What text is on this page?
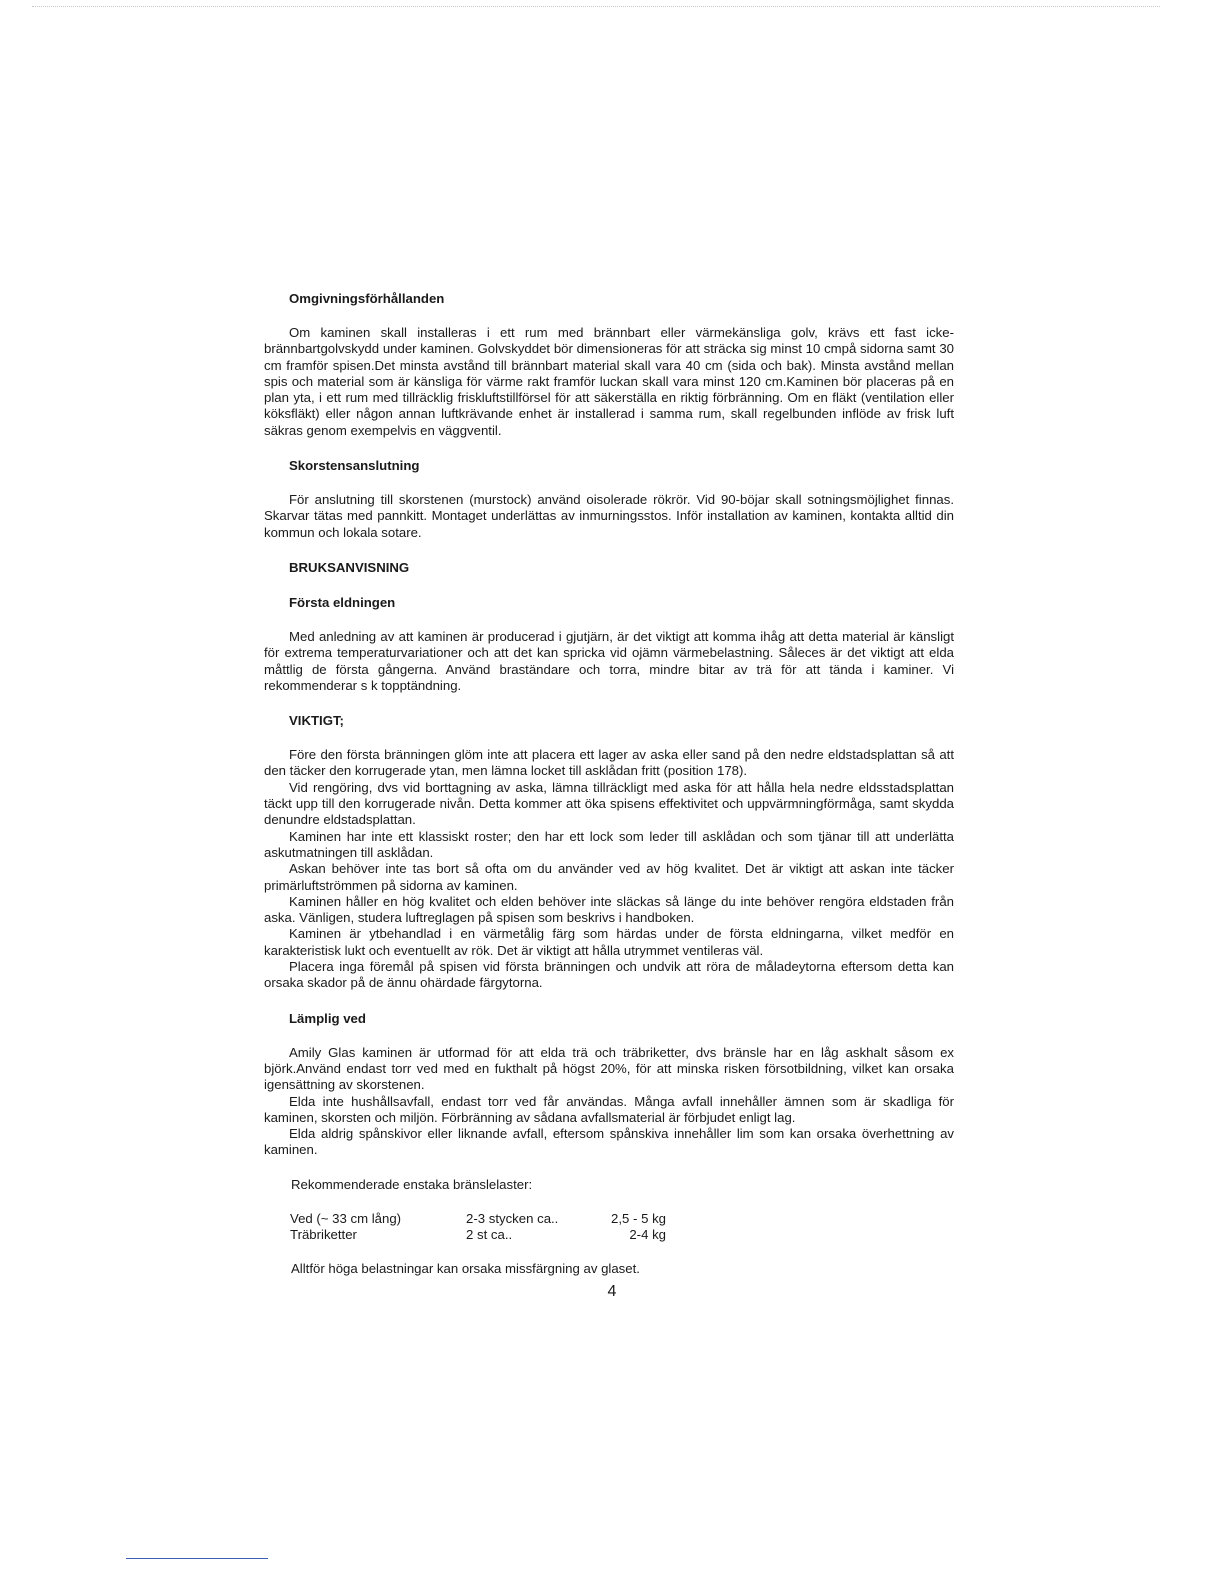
Omgivningsförhållanden

Om kaminen skall installeras i ett rum med brännbart eller värmekänsliga golv, krävs ett fast icke-brännbartgolvskydd under kaminen. Golvskyddet bör dimensioneras för att sträcka sig minst 10 cmpå sidorna samt 30 cm framför spisen.Det minsta avstånd till brännbart material skall vara 40 cm (sida och bak). Minsta avstånd mellan spis och material som är känsliga för värme rakt framför luckan skall vara minst 120 cm.Kaminen bör placeras på en plan yta, i ett rum med tillräcklig friskluftstillförsel för att säkerställa en riktig förbränning. Om en fläkt (ventilation eller köksfläkt) eller någon annan luftkrävande enhet är installerad i samma rum, skall regelbunden inflöde av frisk luft säkras genom exempelvis en väggventil.

Skorstensanslutning

För anslutning till skorstenen (murstock) använd oisolerade rökrör. Vid 90-böjar skall sotningsmöjlighet finnas. Skarvar tätas med pannkitt. Montaget underlättas av inmurningsstos. Inför installation av kaminen, kontakta alltid din kommun och lokala sotare.

BRUKSANVISNING
Första eldningen

Med anledning av att kaminen är producerad i gjutjärn, är det viktigt att komma ihåg att detta material är känsligt för extrema temperaturvariationer och att det kan spricka vid ojämn värmebelastning. Såleces är det viktigt att elda måttlig de första gångerna. Använd braständare och torra, mindre bitar av trä för att tända i kaminer. Vi rekommenderar s k topptändning.

VIKTIGT;

Före den första bränningen glöm inte att placera ett lager av aska eller sand på den nedre eldstadsplattan så att den täcker den korrugerade ytan, men lämna locket till asklådan fritt (position 178).

Vid rengöring, dvs vid borttagning av aska, lämna tillräckligt med aska för att hålla hela nedre eldsstadsplattan täckt upp till den korrugerade nivån. Detta kommer att öka spisens effektivitet och uppvärmningförmåga, samt skydda denundre eldstadsplattan.

Kaminen har inte ett klassiskt roster; den har ett lock som leder till asklådan och som tjänar till att underlätta askutmatningen till asklådan.

Askan behöver inte tas bort så ofta om du använder ved av hög kvalitet. Det är viktigt att askan inte täcker primärluftströmmen på sidorna av kaminen.

Kaminen håller en hög kvalitet och elden behöver inte släckas så länge du inte behöver rengöra eldstaden från aska. Vänligen, studera luftreglagen på spisen som beskrivs i handboken.

Kaminen är ytbehandlad i en värmetålig färg som härdas under de första eldningarna, vilket medför en karakteristisk lukt och eventuellt av rök. Det är viktigt att hålla utrymmet ventileras väl.

Placera inga föremål på spisen vid första bränningen och undvik att röra de måladeytorna eftersom detta kan orsaka skador på de ännu ohärdade färgytorna.

Lämplig ved

Amily Glas kaminen är utformad för att elda trä och träbriketter, dvs bränsle har en låg askhalt såsom ex björk.Använd endast torr ved med en fukthalt på högst 20%, för att minska risken försotbildning, vilket kan orsaka igensättning av skorstenen.

Elda inte hushållsavfall, endast torr ved får användas. Många avfall innehåller ämnen som är skadliga för kaminen, skorsten och miljön. Förbränning av sådana avfallsmaterial är förbjudet enligt lag.

Elda aldrig spånskivor eller liknande avfall, eftersom spånskiva innehåller lim som kan orsaka överhettning av kaminen.

Rekommenderade enstaka bränslelaster:
Ved (~ 33 cm lång)	2-3 stycken ca..	2,5 - 5 kg
Träbriketter	2 st ca..	2-4 kg
Alltför höga belastningar kan orsaka missfärgning av glaset.
4
